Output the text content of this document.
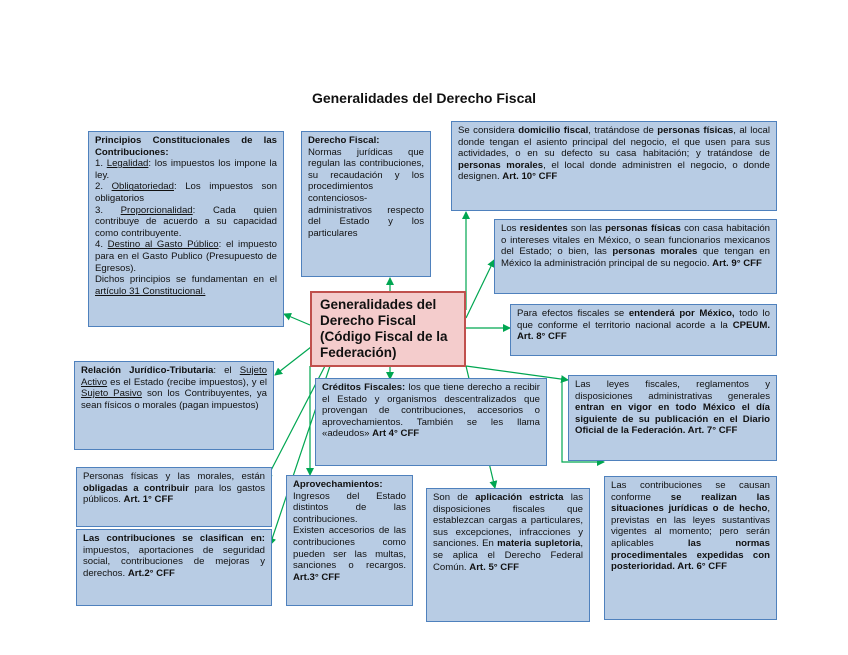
Generalidades del Derecho Fiscal

Principios Constitucionales de las Contribuciones:

1. Legalidad: los impuestos los impone la ley.

2. Obligatoriedad: Los impuestos son obligatorios

3. Proporcionalidad: Cada quien contribuye de acuerdo a su capacidad como contribuyente.

4. Destino al Gasto Público: el impuesto para en el Gasto Publico (Presupuesto de Egresos).

Dichos principios se fundamentan en el artículo 31 Constitucional.

Derecho Fiscal:

Normas jurídicas que regulan las contribuciones, su recaudación y los procedimientos contenciosos-administrativos respecto del Estado y los particulares

Se considera domicilio fiscal, tratándose de personas físicas, al local donde tengan el asiento principal del negocio, el que usen para sus actividades, o en su defecto su casa habitación; y tratándose de personas morales, el local donde administren el negocio, o donde designen. Art. 10° CFF

Los residentes son las personas físicas con casa habitación o intereses vitales en México, o sean funcionarios mexicanos del Estado; o bien, las personas morales que tengan en México la administración principal de su negocio. Art. 9° CFF

Para efectos fiscales se entenderá por México, todo lo que conforme el territorio nacional acorde a la CPEUM. Art. 8° CFF

Generalidades del
Derecho Fiscal
(Código Fiscal de la
Federación)

Relación Jurídico-Tributaria: el Sujeto Activo es el Estado (recibe impuestos), y el Sujeto Pasivo son los Contribuyentes, ya sean físicos o morales (pagan impuestos)

Créditos Fiscales: los que tiene derecho a recibir el Estado y organismos descentralizados que provengan de contribuciones, accesorios o aprovechamientos. También se les llama «adeudos» Art 4° CFF

Las leyes fiscales, reglamentos y disposiciones administrativas generales entran en vigor en todo México el día siguiente de su publicación en el Diario Oficial de la Federación. Art. 7° CFF

Personas físicas y las morales, están obligadas a contribuir para los gastos públicos. Art. 1° CFF

Las contribuciones se clasifican en: impuestos, aportaciones de seguridad social, contribuciones de mejoras y derechos. Art.2° CFF

Aprovechamientos:

Ingresos del Estado distintos de las contribuciones.

Existen accesorios de las contribuciones como pueden ser las multas, sanciones o recargos. Art.3° CFF

Son de aplicación estricta las disposiciones fiscales que establezcan cargas a particulares, sus excepciones, infracciones y sanciones. En materia supletoria, se aplica el Derecho Federal Común. Art. 5° CFF

Las contribuciones se causan conforme se realizan las situaciones jurídicas o de hecho, previstas en las leyes sustantivas vigentes al momento; pero serán aplicables las normas procedimentales expedidas con posterioridad. Art. 6° CFF
